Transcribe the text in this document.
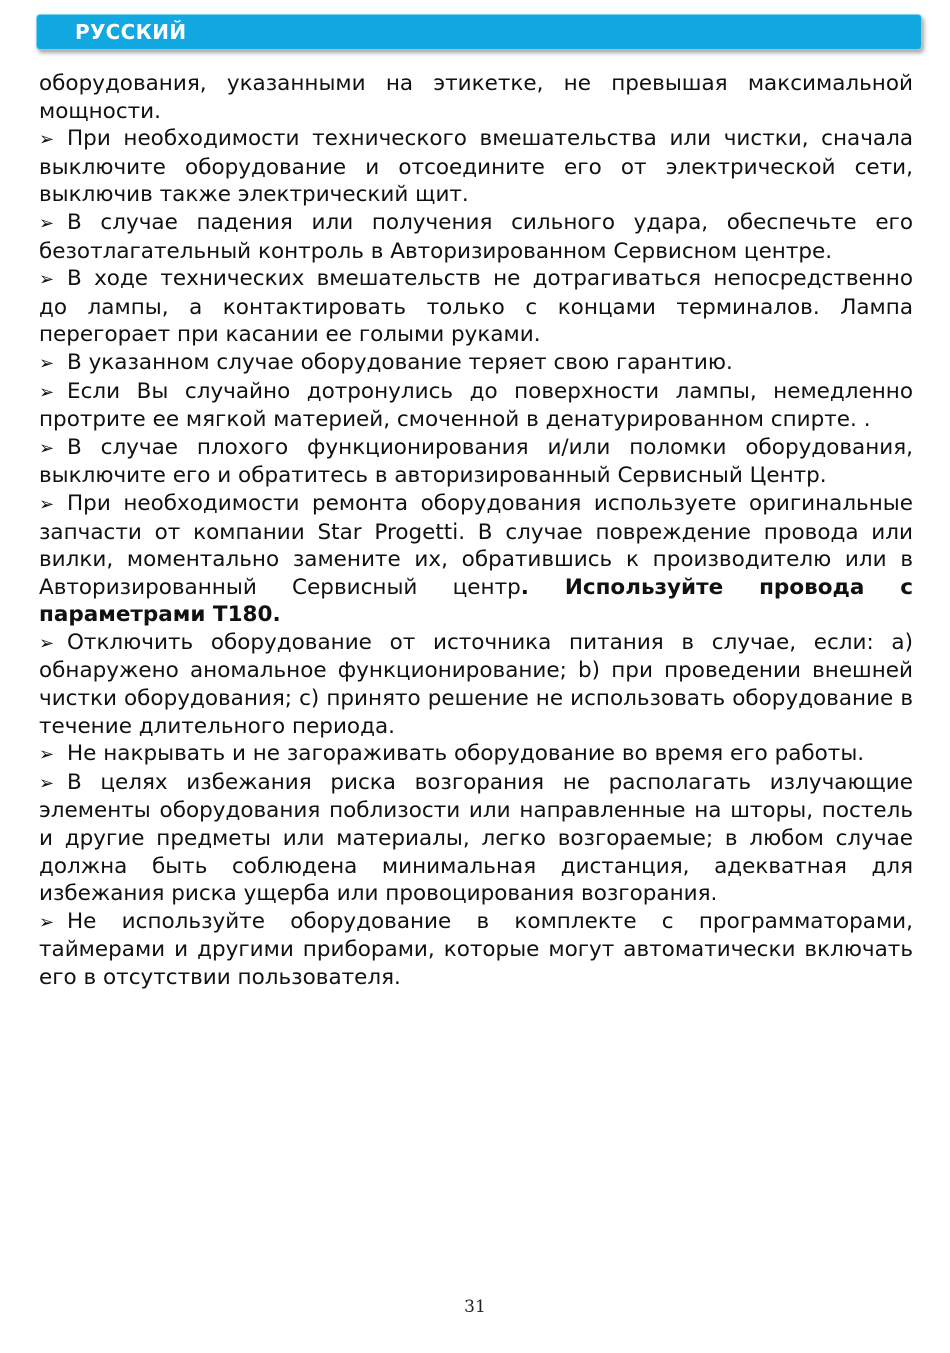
РУССКИЙ

оборудования, указанными на этикетке, не превышая максимальной мощности.

➢ При необходимости технического вмешательства или чистки, сначала выключите оборудование и отсоедините его от электрической сети, выключив также электрический щит.

➢ В случае падения или получения сильного удара, обеспечьте его безотлагательный контроль в Авторизированном Сервисном центре.

➢ В ходе технических вмешательств не дотрагиваться непосредственно до лампы, а контактировать только с концами терминалов. Лампа перегорает при касании ее голыми руками.

➢ В указанном случае оборудование теряет свою гарантию.

➢ Если Вы случайно дотронулись до поверхности лампы, немедленно протрите ее мягкой материей, смоченной в денатурированном спирте. .

➢ В случае плохого функционирования и/или поломки оборудования, выключите его и обратитесь в авторизированный Сервисный Центр.

➢ При необходимости ремонта оборудования используете оригинальные запчасти от компании Star Progetti. В случае повреждение провода или вилки, моментально замените их, обратившись к производителю или в Авторизированный Сервисный центр. Используйте провода с параметрами Т180.

➢ Отключить оборудование от источника питания в случае, если: a) обнаружено аномальное функционирование; b) при проведении внешней чистки оборудования; c) принято решение не использовать оборудование в течение длительного периода.

➢ Не накрывать и не загораживать оборудование во время его работы.

➢ В целях избежания риска возгорания не располагать излучающие элементы оборудования поблизости или направленные на шторы, постель и другие предметы или материалы, легко возгораемые; в любом случае должна быть соблюдена минимальная дистанция, адекватная для избежания риска ущерба или провоцирования возгорания.

➢ Не используйте оборудование в комплекте с программаторами, таймерами и другими приборами, которые могут автоматически включать его в отсутствии пользователя.

31
